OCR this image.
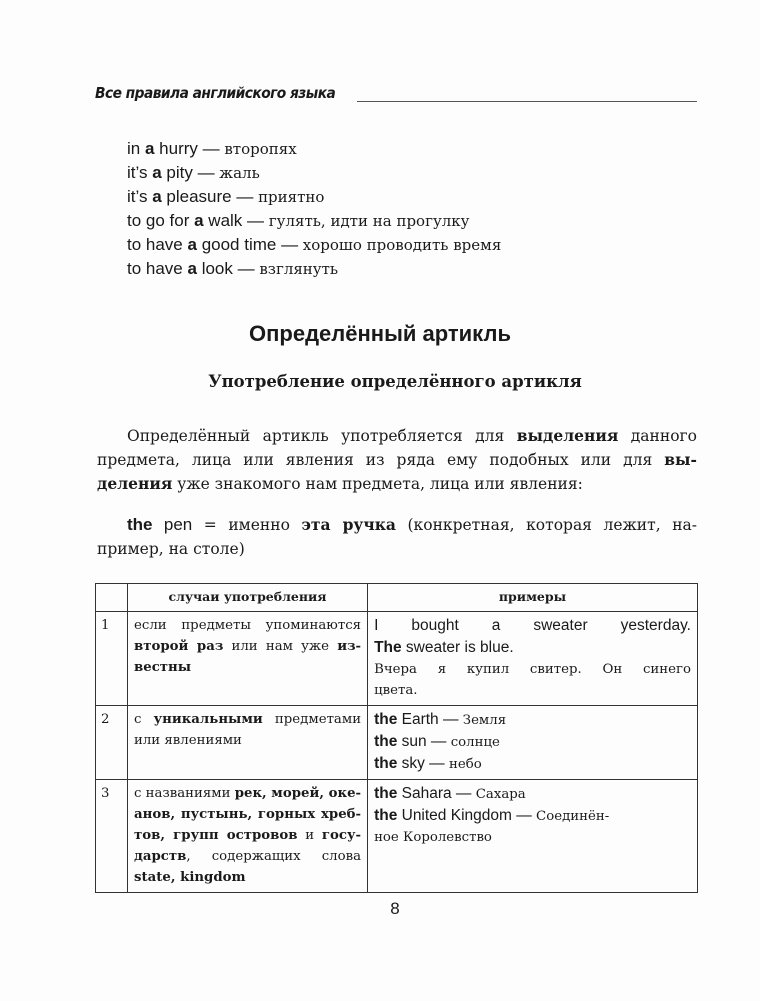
Все правила английского языка
in a hurry — второпях
it’s a pity — жаль
it’s a pleasure — приятно
to go for a walk — гулять, идти на прогулку
to have a good time — хорошо проводить время
to have a look — взглянуть
Определённый артикль
Употребление определённого артикля
Определённый артикль употребляется для выделения данного
предмета, лица или явления из ряда ему подобных или для вы-
деления уже знакомого нам предмета, лица или явления:
the pen = именно эта ручка (конкретная, которая лежит, на-
пример, на столе)
	случаи употребления	примеры
1	если предметы упоминаются
второй раз или нам уже из-
вестны	I bought a sweater yesterday.
The sweater is blue.
Вчера я купил свитер. Он синего
цвета.

2	с уникальными предметами
или явлениями	the Earth — Земля
the sun — солнце
the sky — небо

3	с названиями рек, морей, оке-
анов, пустынь, горных хреб-
тов, групп островов и госу-
дарств, содержащих слова
state, kingdom	the Sahara — Сахара
the United Kingdom — Соединён-
ное Королевство
8
